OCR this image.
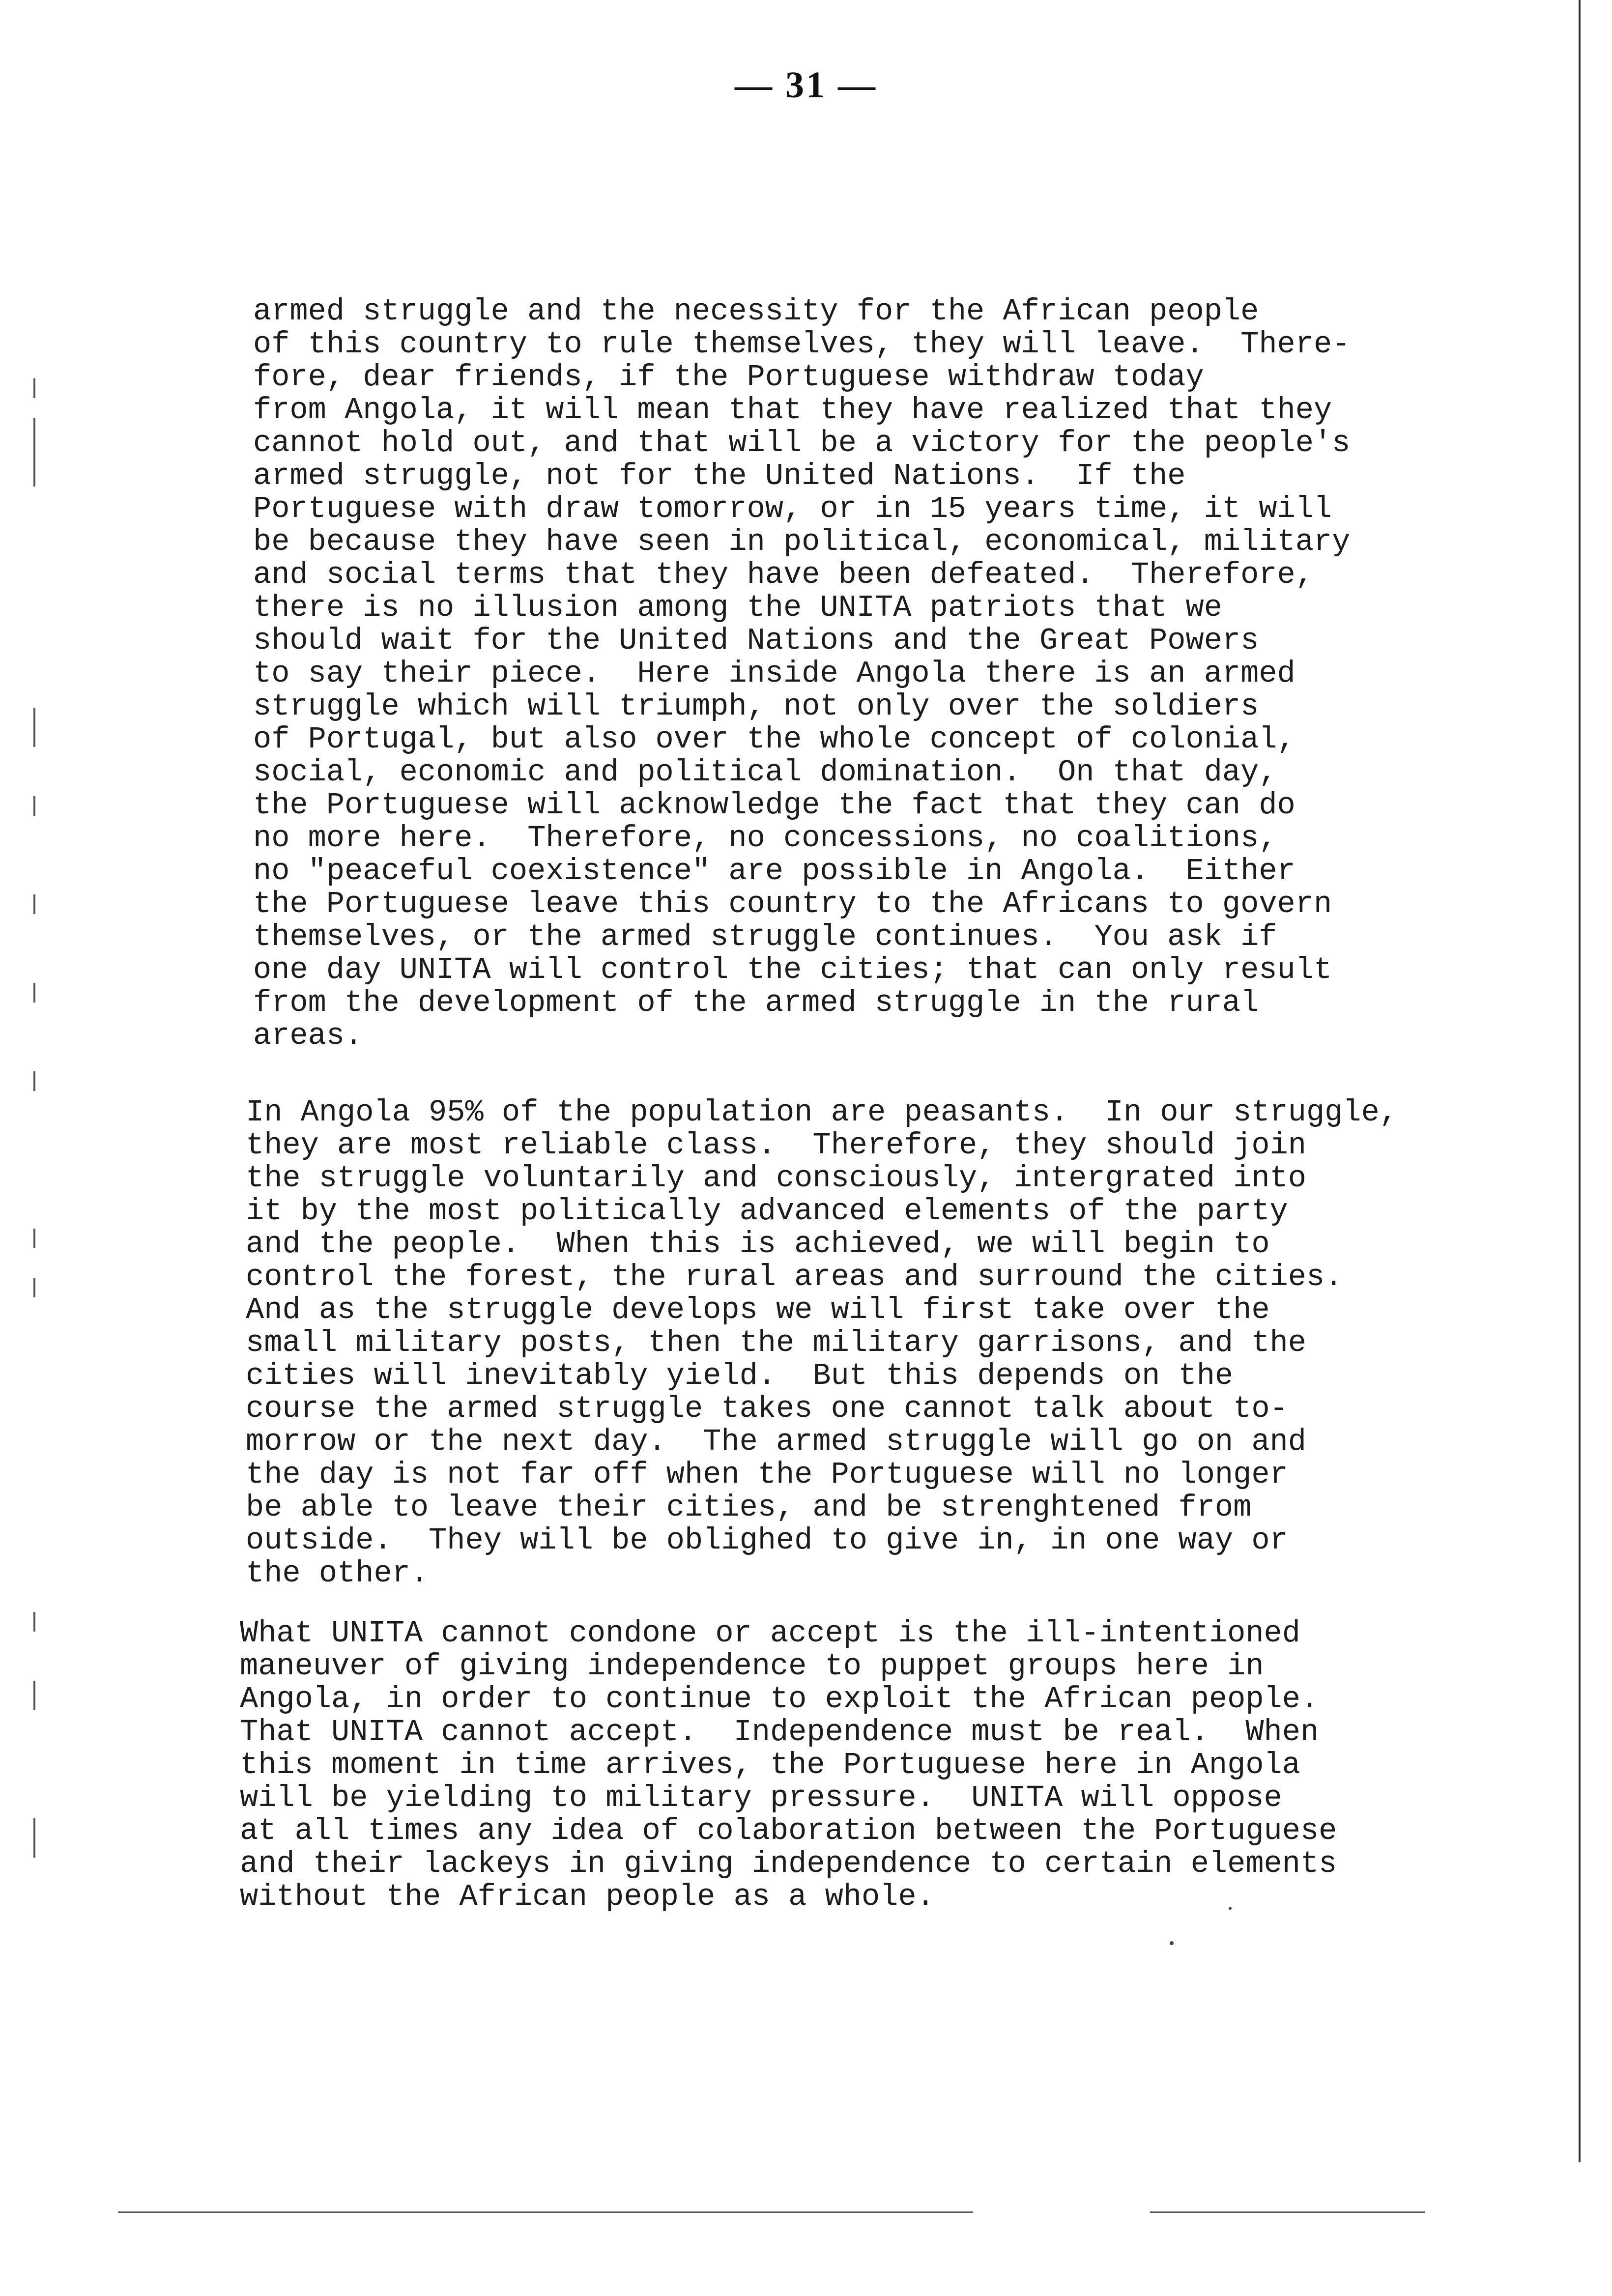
— 31 —
armed struggle and the necessity for the African people
of this country to rule themselves, they will leave.  There-
fore, dear friends, if the Portuguese withdraw today
from Angola, it will mean that they have realized that they
cannot hold out, and that will be a victory for the people's
armed struggle, not for the United Nations.  If the
Portuguese with draw tomorrow, or in 15 years time, it will
be because they have seen in political, economical, military
and social terms that they have been defeated.  Therefore,
there is no illusion among the UNITA patriots that we
should wait for the United Nations and the Great Powers
to say their piece.  Here inside Angola there is an armed
struggle which will triumph, not only over the soldiers
of Portugal, but also over the whole concept of colonial,
social, economic and political domination.  On that day,
the Portuguese will acknowledge the fact that they can do
no more here.  Therefore, no concessions, no coalitions,
no "peaceful coexistence" are possible in Angola.  Either
the Portuguese leave this country to the Africans to govern
themselves, or the armed struggle continues.  You ask if
one day UNITA will control the cities; that can only result
from the development of the armed struggle in the rural
areas.
In Angola 95% of the population are peasants.  In our struggle,
they are most reliable class.  Therefore, they should join
the struggle voluntarily and consciously, intergrated into
it by the most politically advanced elements of the party
and the people.  When this is achieved, we will begin to
control the forest, the rural areas and surround the cities.
And as the struggle develops we will first take over the
small military posts, then the military garrisons, and the
cities will inevitably yield.  But this depends on the
course the armed struggle takes one cannot talk about to-
morrow or the next day.  The armed struggle will go on and
the day is not far off when the Portuguese will no longer
be able to leave their cities, and be strenghtened from
outside.  They will be oblighed to give in, in one way or
the other.
What UNITA cannot condone or accept is the ill-intentioned
maneuver of giving independence to puppet groups here in
Angola, in order to continue to exploit the African people.
That UNITA cannot accept.  Independence must be real.  When
this moment in time arrives, the Portuguese here in Angola
will be yielding to military pressure.  UNITA will oppose
at all times any idea of colaboration between the Portuguese
and their lackeys in giving independence to certain elements
without the African people as a whole.
